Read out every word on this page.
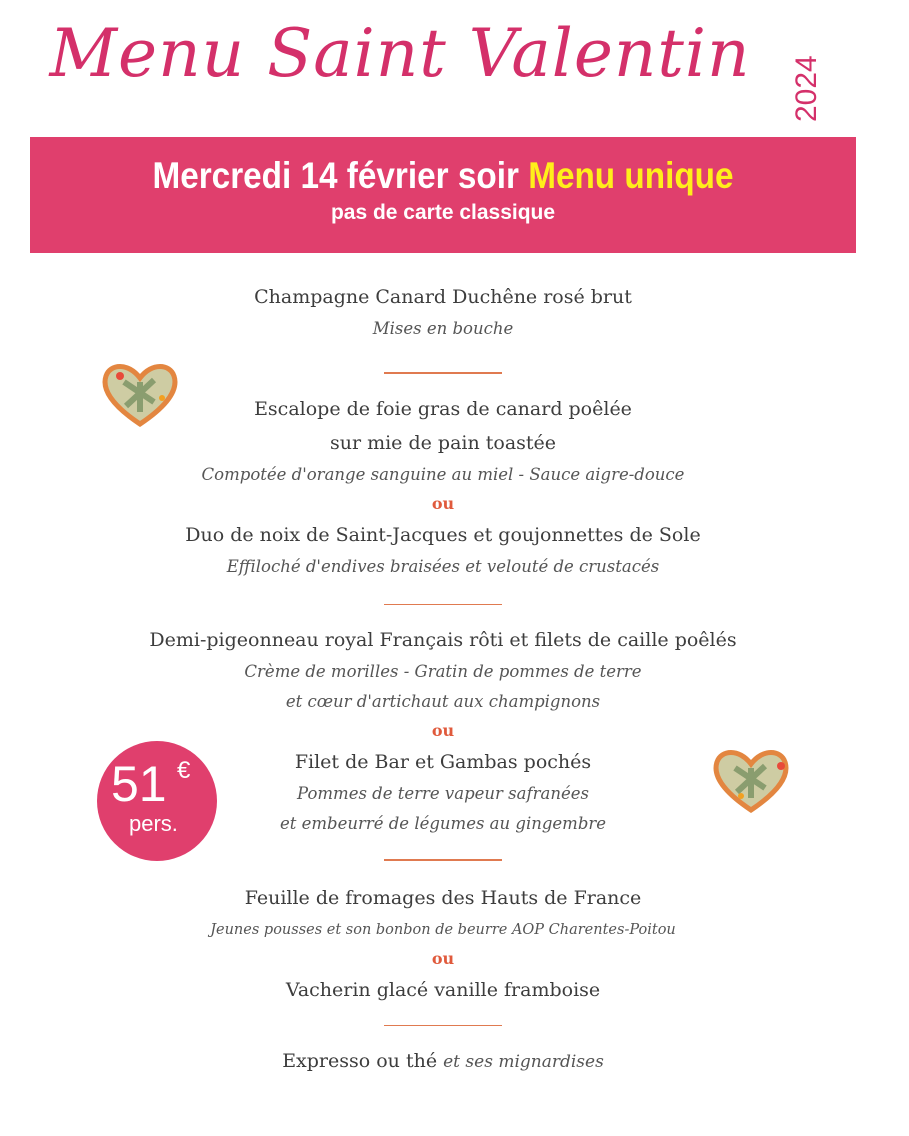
Menu Saint Valentin	2024
Mercredi 14 février soir Menu unique
pas de carte classique
Champagne Canard Duchêne rosé brut
Mises en bouche
Escalope de foie gras de canard poêlée
sur mie de pain toastée
Compotée d'orange sanguine au miel - Sauce aigre-douce
ou
Duo de noix de Saint-Jacques et goujonnettes de Sole
Effiloché d'endives braisées et velouté de crustacés
Demi-pigeonneau royal Français rôti et filets de caille poêlés
Crème de morilles - Gratin de pommes de terre
et cœur d'artichaut aux champignons
ou
Filet de Bar et Gambas pochés
Pommes de terre vapeur safranées
et embeurré de légumes au gingembre
Feuille de fromages des Hauts de France
Jeunes pousses et son bonbon de beurre AOP Charentes-Poitou
ou
Vacherin glacé vanille framboise
Expresso ou thé et ses mignardises
51 €
pers.
